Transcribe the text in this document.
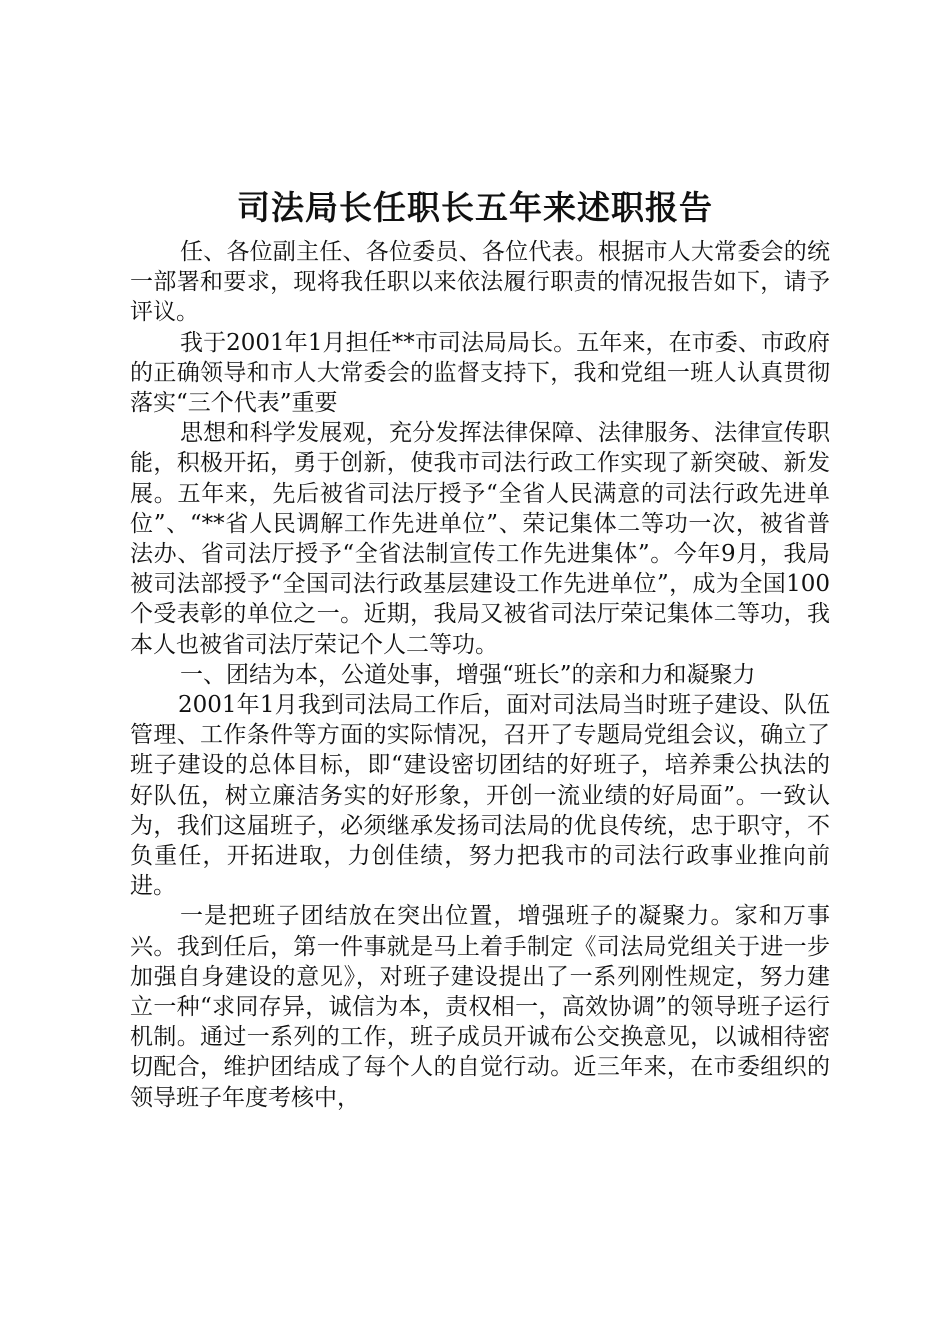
司法局长任职长五年来述职报告

任、各位副主任、各位委员、各位代表。根据市人大常委会的统一部署和要求，现将我任职以来依法履行职责的情况报告如下，请予评议。

我于2001年1月担任**市司法局局长。五年来，在市委、市政府的正确领导和市人大常委会的监督支持下，我和党组一班人认真贯彻落实“三个代表”重要

思想和科学发展观，充分发挥法律保障、法律服务、法律宣传职能，积极开拓，勇于创新，使我市司法行政工作实现了新突破、新发展。五年来，先后被省司法厅授予“全省人民满意的司法行政先进单位”、“**省人民调解工作先进单位”、荣记集体二等功一次，被省普法办、省司法厅授予“全省法制宣传工作先进集体”。今年9月，我局被司法部授予“全国司法行政基层建设工作先进单位”，成为全国100个受表彰的单位之一。近期，我局又被省司法厅荣记集体二等功，我本人也被省司法厅荣记个人二等功。

一、团结为本，公道处事，增强“班长”的亲和力和凝聚力

2001年1月我到司法局工作后，面对司法局当时班子建设、队伍管理、工作条件等方面的实际情况，召开了专题局党组会议，确立了班子建设的总体目标，即“建设密切团结的好班子，培养秉公执法的好队伍，树立廉洁务实的好形象，开创一流业绩的好局面”。一致认为，我们这届班子，必须继承发扬司法局的优良传统，忠于职守，不负重任，开拓进取，力创佳绩，努力把我市的司法行政事业推向前进。

一是把班子团结放在突出位置，增强班子的凝聚力。家和万事兴。我到任后，第一件事就是马上着手制定《司法局党组关于进一步加强自身建设的意见》，对班子建设提出了一系列刚性规定，努力建立一种“求同存异，诚信为本，责权相一，高效协调”的领导班子运行机制。通过一系列的工作，班子成员开诚布公交换意见，以诚相待密切配合，维护团结成了每个人的自觉行动。近三年来，在市委组织的领导班子年度考核中，
